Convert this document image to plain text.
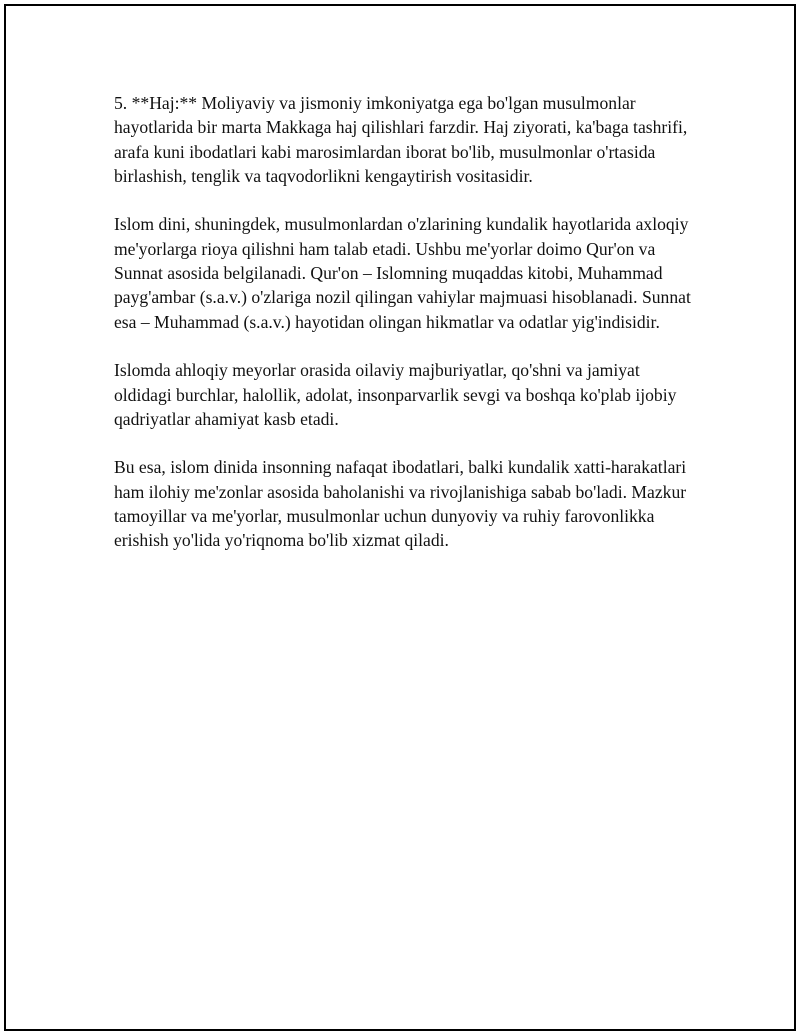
5. **Haj:** Moliyaviy va jismoniy imkoniyatga ega bo'lgan musulmonlar hayotlarida bir marta Makkaga haj qilishlari farzdir. Haj ziyorati, ka'baga tashrifi, arafa kuni ibodatlari kabi marosimlardan iborat bo'lib, musulmonlar o'rtasida birlashish, tenglik va taqvodorlikni kengaytirish vositasidir.

Islom dini, shuningdek, musulmonlardan o'zlarining kundalik hayotlarida axloqiy me'yorlarga rioya qilishni ham talab etadi. Ushbu me'yorlar doimo Qur'on va Sunnat asosida belgilanadi. Qur'on – Islomning muqaddas kitobi, Muhammad payg'ambar (s.a.v.) o'zlariga nozil qilingan vahiylar majmuasi hisoblanadi. Sunnat esa – Muhammad (s.a.v.) hayotidan olingan hikmatlar va odatlar yig'indisidir.

Islomda ahloqiy meyorlar orasida oilaviy majburiyatlar, qo'shni va jamiyat oldidagi burchlar, halollik, adolat, insonparvarlik sevgi va boshqa ko'plab ijobiy qadriyatlar ahamiyat kasb etadi.

Bu esa, islom dinida insonning nafaqat ibodatlari, balki kundalik xatti-harakatlari ham ilohiy me'zonlar asosida baholanishi va rivojlanishiga sabab bo'ladi. Mazkur tamoyillar va me'yorlar, musulmonlar uchun dunyoviy va ruhiy farovonlikka erishish yo'lida yo'riqnoma bo'lib xizmat qiladi.
